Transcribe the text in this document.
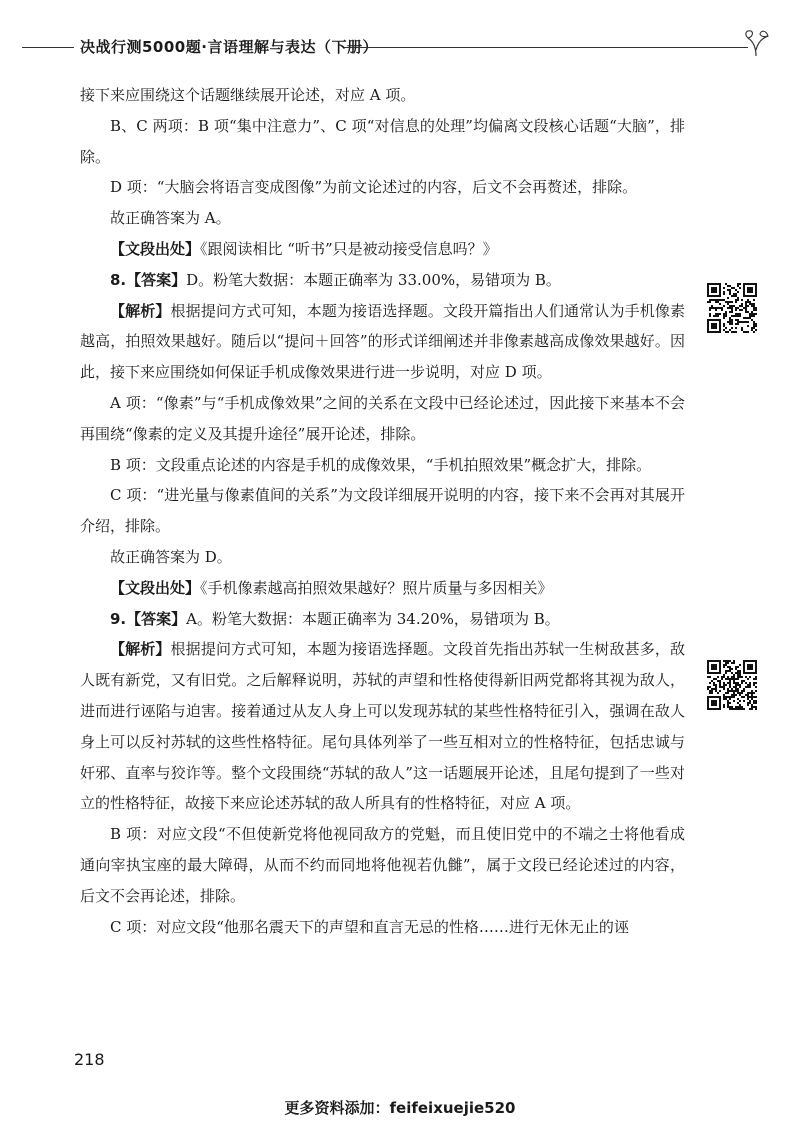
决战行测5000题·言语理解与表达（下册）

接下来应围绕这个话题继续展开论述，对应 A 项。

B、C 两项：B 项“集中注意力”、C 项“对信息的处理”均偏离文段核心话题“大脑”，排除。

D 项：“大脑会将语言变成图像”为前文论述过的内容，后文不会再赘述，排除。

故正确答案为 A。

【文段出处】《跟阅读相比 “听书”只是被动接受信息吗？》

8.【答案】D。粉笔大数据：本题正确率为 33.00%，易错项为 B。

【解析】根据提问方式可知，本题为接语选择题。文段开篇指出人们通常认为手机像素越高，拍照效果越好。随后以“提问＋回答”的形式详细阐述并非像素越高成像效果越好。因此，接下来应围绕如何保证手机成像效果进行进一步说明，对应 D 项。

A 项：“像素”与“手机成像效果”之间的关系在文段中已经论述过，因此接下来基本不会再围绕“像素的定义及其提升途径”展开论述，排除。

B 项：文段重点论述的内容是手机的成像效果，“手机拍照效果”概念扩大，排除。

C 项：“进光量与像素值间的关系”为文段详细展开说明的内容，接下来不会再对其展开介绍，排除。

故正确答案为 D。

【文段出处】《手机像素越高拍照效果越好？照片质量与多因相关》

9.【答案】A。粉笔大数据：本题正确率为 34.20%，易错项为 B。

【解析】根据提问方式可知，本题为接语选择题。文段首先指出苏轼一生树敌甚多，敌人既有新党，又有旧党。之后解释说明，苏轼的声望和性格使得新旧两党都将其视为敌人，进而进行诬陷与迫害。接着通过从友人身上可以发现苏轼的某些性格特征引入，强调在敌人身上可以反衬苏轼的这些性格特征。尾句具体列举了一些互相对立的性格特征，包括忠诚与奸邪、直率与狡诈等。整个文段围绕“苏轼的敌人”这一话题展开论述，且尾句提到了一些对立的性格特征，故接下来应论述苏轼的敌人所具有的性格特征，对应 A 项。

B 项：对应文段“不但使新党将他视同敌方的党魁，而且使旧党中的不端之士将他看成通向宰执宝座的最大障碍，从而不约而同地将他视若仇雠”，属于文段已经论述过的内容，后文不会再论述，排除。

C 项：对应文段“他那名震天下的声望和直言无忌的性格……进行无休无止的诬

218
更多资料添加：feifeixuejie520
